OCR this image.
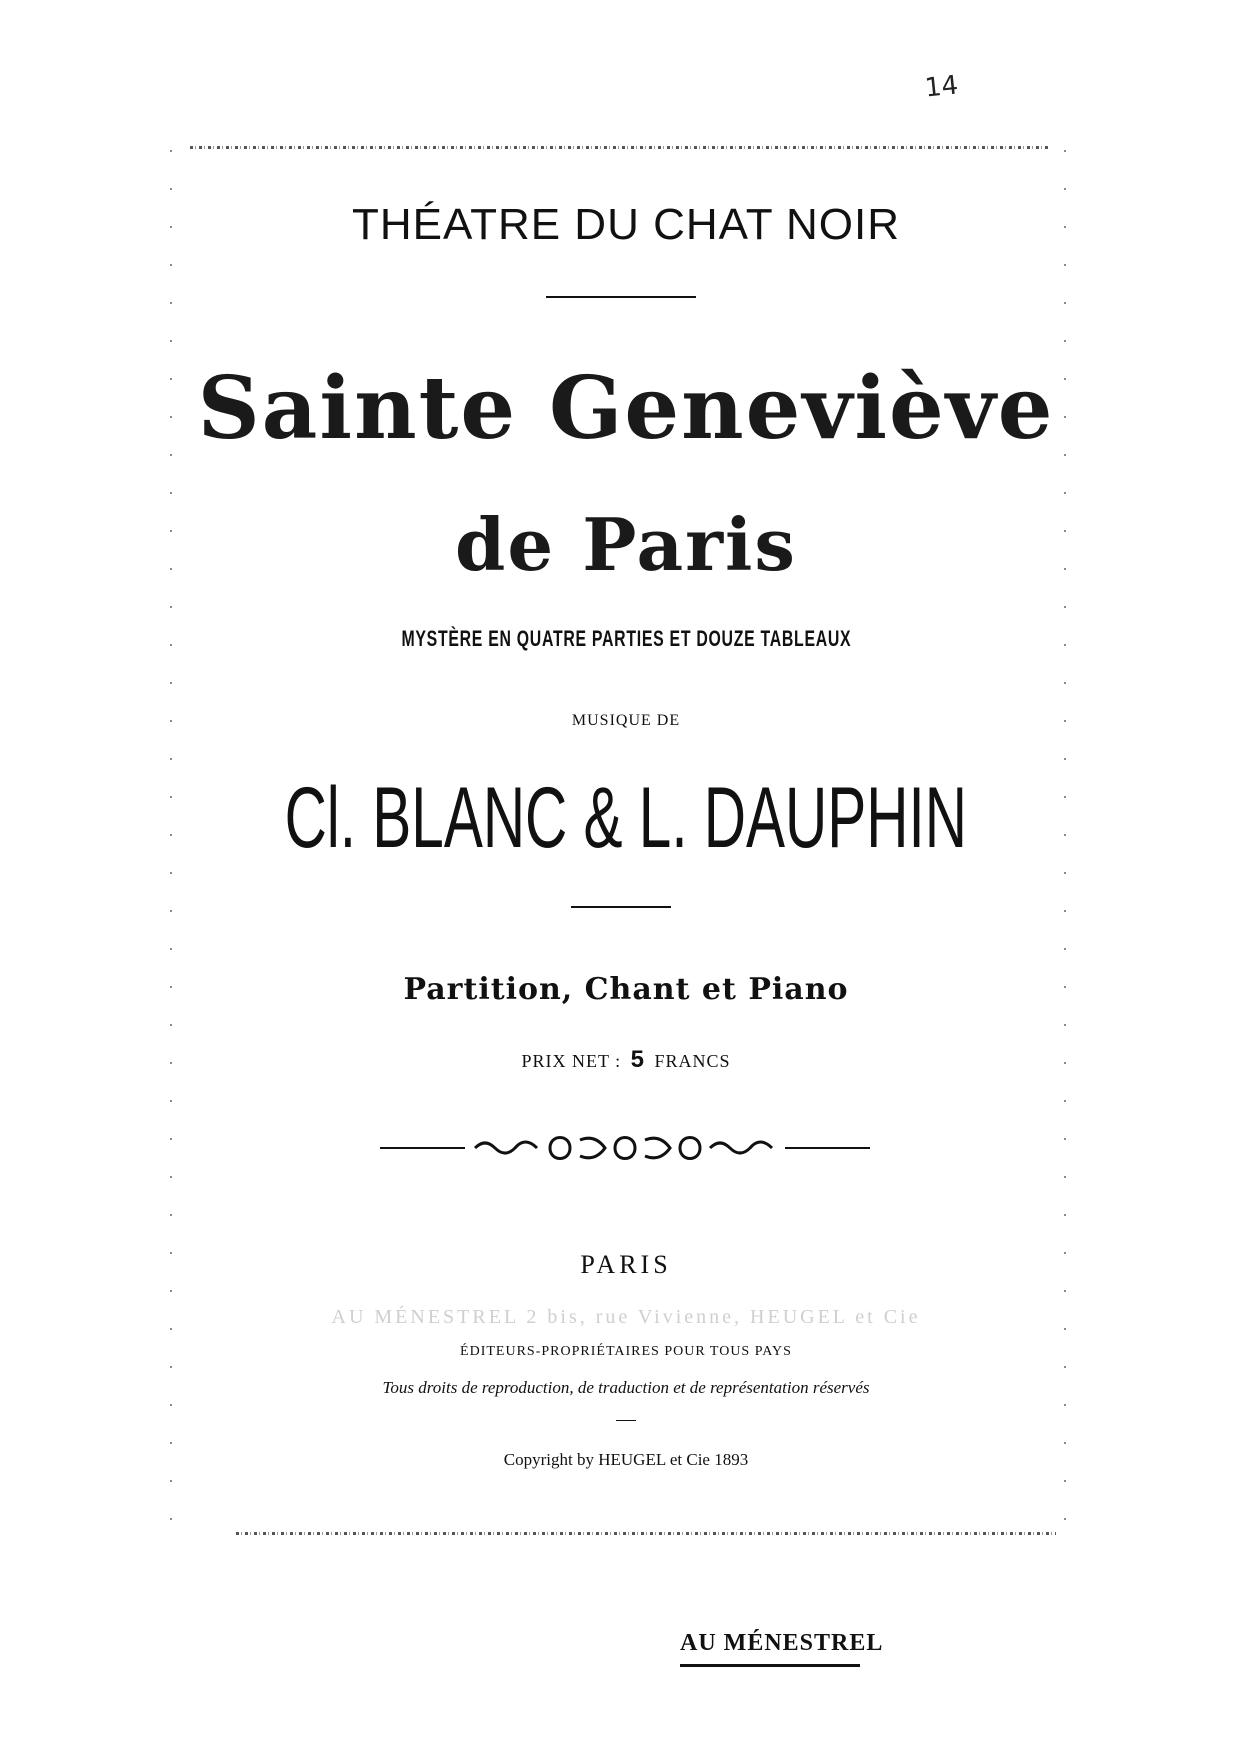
14
THÉATRE DU CHAT NOIR
Sainte Geneviève
de Paris
MYSTÈRE EN QUATRE PARTIES ET DOUZE TABLEAUX
MUSIQUE DE
Cl. BLANC & L. DAUPHIN
Partition, Chant et Piano
PRIX NET : 5 FRANCS
PARIS
AU MÉNESTREL 2 bis, rue Vivienne, HEUGEL et Cie
ÉDITEURS-PROPRIÉTAIRES POUR TOUS PAYS
Tous droits de reproduction, de traduction et de représentation réservés
Copyright by HEUGEL et Cie 1893
AU MÉNESTREL
